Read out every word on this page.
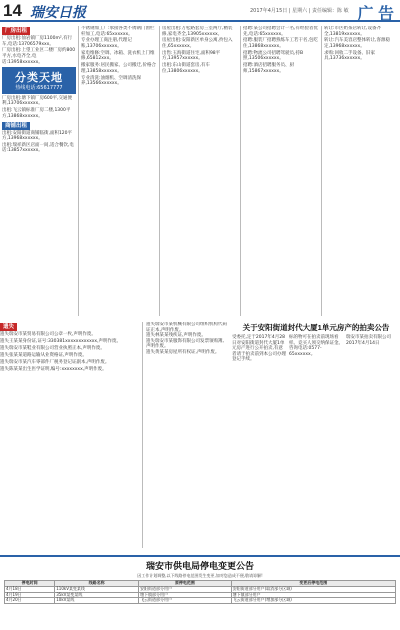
14 瑞安日报	2017年4月15日 | 星期六 | 责任编辑：陈 敏 广 告
厂房出租

厂房出租:仙岩镇厂房1100m²,有行车,电话:13706579xxx。

厂房出租:上望工业区二楼厂房约800平方,水电齐全,电话:13958xxxxxx。

分类天地
热线电话:65617777

厂房出租:塘下镇厂房600平,交通便利,13706xxxxxx。

出租:飞云镇标准厂房二楼,1300平方,13868xxxxxx。

商铺出租

出租:安阳街道商铺临街,面积120平方,13968xxxxxx。

出租:瑞祥新区店面一间,适合餐饮,电话:13857xxxxxx。

不锈钢加工厂:承接各类不锈钢门窗栏杆加工,电话:65xxxxxx。

专业办理工商注册,代理记账,13706xxxxxx。

家电维修:空调、冰箱、洗衣机上门维修,65812xxx。

搬家服务:居民搬家、公司搬迁,价格合理,13858xxxxxx。

专业清洗:油烟机、空调清洗保养,13566xxxxxx。

房屋出租:万松路套房三室两厅,精装修,家电齐全,13905xxxxxx。

房屋出租:安阳新区单身公寓,拎包入住,65xxxxxx。

出售:玉海街道住宅,面积98平方,13957xxxxxx。

出租:东山街道套房,有车位,13806xxxxxx。

招聘:某公司招聘会计一名,有经验者优先,电话:65xxxxxx。

招聘:服装厂招聘熟练车工若干名,包吃住,13868xxxxxx。

招聘:物流公司招聘驾驶员,持B照,13506xxxxxx。

招聘:酒店招聘服务员、厨师,15867xxxxxx。

转让:市区奶茶店转让,设备齐全,13819xxxxxx。

转让:汽车美容店整体转让,客源稳定,13968xxxxxx。

求购:回收二手设备、旧家具,13736xxxxxx。

遗失

遗失瑞安市某贸易有限公司公章一枚,声明作废。

遗失王某某身份证,证号:330381xxxxxxxxxxxx,声明作废。

遗失瑞安市某鞋业有限公司营业执照正本,声明作废。

遗失张某某道路运输从业资格证,声明作废。

遗失瑞安市某汽车零部件厂税务登记证副本,声明作废。

遗失陈某某出生医学证明,编号:xxxxxxxx,声明作废。

遗失瑞安市某机械有限公司组织机构代码证正本,声明作废。

遗失林某某残疾证,声明作废。

遗失瑞安市某服饰有限公司发票领购簿,声明作废。

遗失黄某某房屋所有权证,声明作废。

关于安阳街道封代大厦1单元房产的拍卖公告
受委托,定于2017年4月28日对安阳街道封代大厦1单元房产进行公开拍卖,有意者请于拍卖前到本公司办理登记手续。
标的物可在拍卖前现场看样。竞买人须交纳保证金。咨询电话:0577-65xxxxxx。
瑞安市某拍卖有限公司 2017年4月14日
瑞安市供电局停电变更公告
因工作计划调整,以下线路停电范围发生变更,如对您造成不便,敬请谅解!
停电时间	线路名称	原停电范围	变更后停电范围
4月18日	110kV某变某线	安阳街道部分用户	安阳街道部分用户(取消部分区域)
4月19日	35kV某变某线	塘下镇部分用户	塘下镇部分用户
4月20日	10kV某线	飞云街道部分用户	飞云街道部分用户(增加部分区域)
